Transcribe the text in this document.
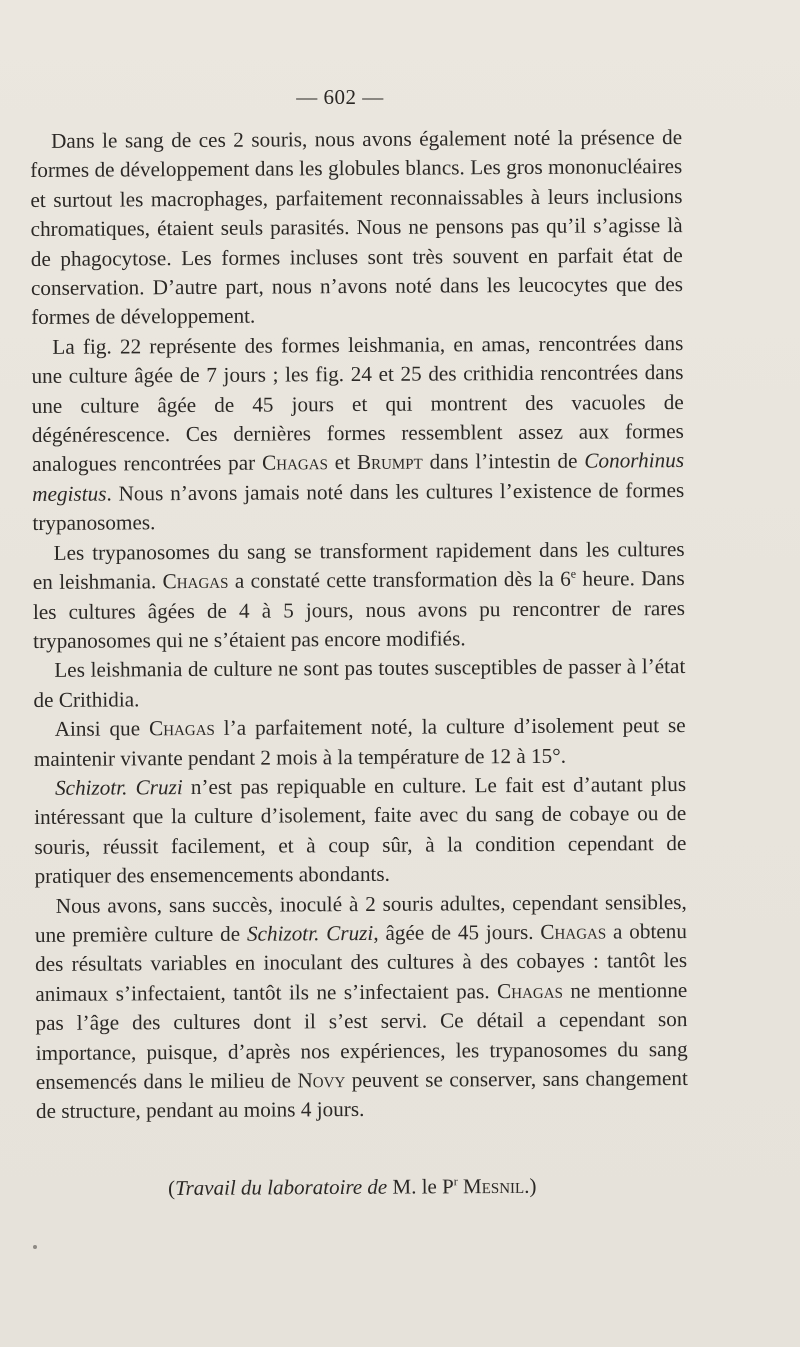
— 602 —

Dans le sang de ces 2 souris, nous avons également noté la présence de formes de développement dans les globules blancs. Les gros mononucléaires et surtout les macrophages, parfaitement reconnaissables à leurs inclusions chromatiques, étaient seuls parasités. Nous ne pensons pas qu’il s’agisse là de phagocytose. Les formes incluses sont très souvent en parfait état de conservation. D’autre part, nous n’avons noté dans les leucocytes que des formes de développement.

La fig. 22 représente des formes leishmania, en amas, rencontrées dans une culture âgée de 7 jours ; les fig. 24 et 25 des crithidia rencontrées dans une culture âgée de 45 jours et qui montrent des vacuoles de dégénérescence. Ces dernières formes ressemblent assez aux formes analogues rencontrées par Chagas et Brumpt dans l’intestin de Conorhinus megistus. Nous n’avons jamais noté dans les cultures l’existence de formes trypanosomes.

Les trypanosomes du sang se transforment rapidement dans les cultures en leishmania. Chagas a constaté cette transformation dès la 6e heure. Dans les cultures âgées de 4 à 5 jours, nous avons pu rencontrer de rares trypanosomes qui ne s’étaient pas encore modifiés.

Les leishmania de culture ne sont pas toutes susceptibles de passer à l’état de Crithidia.

Ainsi que Chagas l’a parfaitement noté, la culture d’isolement peut se maintenir vivante pendant 2 mois à la température de 12 à 15°.

Schizotr. Cruzi n’est pas repiquable en culture. Le fait est d’autant plus intéressant que la culture d’isolement, faite avec du sang de cobaye ou de souris, réussit facilement, et à coup sûr, à la condition cependant de pratiquer des ensemencements abondants.

Nous avons, sans succès, inoculé à 2 souris adultes, cependant sensibles, une première culture de Schizotr. Cruzi, âgée de 45 jours. Chagas a obtenu des résultats variables en inoculant des cultures à des cobayes : tantôt les animaux s’infectaient, tantôt ils ne s’infectaient pas. Chagas ne mentionne pas l’âge des cultures dont il s’est servi. Ce détail a cependant son importance, puisque, d’après nos expériences, les trypanosomes du sang ensemencés dans le milieu de Novy peuvent se conserver, sans changement de structure, pendant au moins 4 jours.

(Travail du laboratoire de M. le $P^r$ Mesnil.)
